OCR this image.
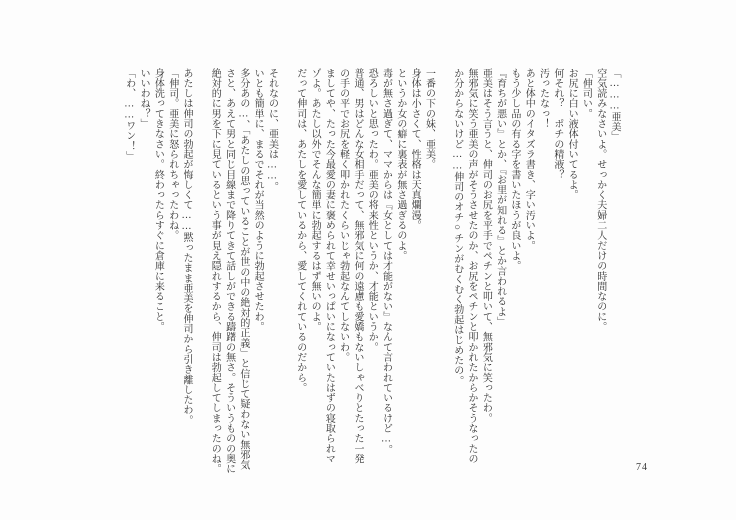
「………亜美」

空気読みなさいよ。せっかく夫婦二人だけの時間なのに。

「伸司い。

お尻に白い液体付いてるよ。

何それ？　ポチの精液？

汚ったなっ！

あと体中のイタズラ書き、字い汚いよ。

もう少し品の有る字を書いたほうが良いよ。

『育ちが悪い』とか、『お里が知れる』とか言われるよ」

亜美はそう言うと、伸司のお尻を平手でペチンと叩いて、無邪気に笑ったわ。

無邪気に笑う亜美の声がそうさせたのか、お尻をペチンと叩かれたからかそうなったの

か分からないけど……伸司のオチ○チンがむくむく勃起はじめたの。

一番の下の妹、亜美。

身体は小さくて、性格は天真爛漫。

というか女の癖に裏表が無さ過ぎるのよ。

毒が無さ過ぎて、ママからは『女としては才能がない』なんて言われているけど…。

恐ろしいと思ったわ。亜美の将来性というか、才能というか。

普通、男はどんな女相手だって、無邪気に何の遠慮も愛嬌もないしゃべりとたった一発

の手の平でお尻を軽く叩かれたくらいじゃ勃起なんてしないわ。

ましてや、たった今最愛の妻に褒められて幸せいっぱいになっていたはずの寝取られマ

ゾよ。あたし以外でそんな簡単に勃起するはず無いのよ。

だって伸司は、あたしを愛しているから、愛してくれているのだから。

それなのに、亜美は……。

いとも簡単に、まるでそれが当然のように勃起させたわ。

多分あの…、「あたしの思っていることが世の中の絶対的正義」と信じて疑わない無邪気

さと、あえて男と同じ目線まで降りてきて話しができる躊躇の無さ。そういうものの奥に

絶対的に男を下に見ているという事が見え隠れするから、伸司は勃起してしまったのね。

あたしは伸司の勃起が悔しくて……黙ったまま亜美を伸司から引き離したわ。

「伸司。亜美に怒られちゃったわね。

身体洗ってきなさい。終わったらすぐに倉庫に来ること。

いいわね？」

「わ、……ワン！」

74
